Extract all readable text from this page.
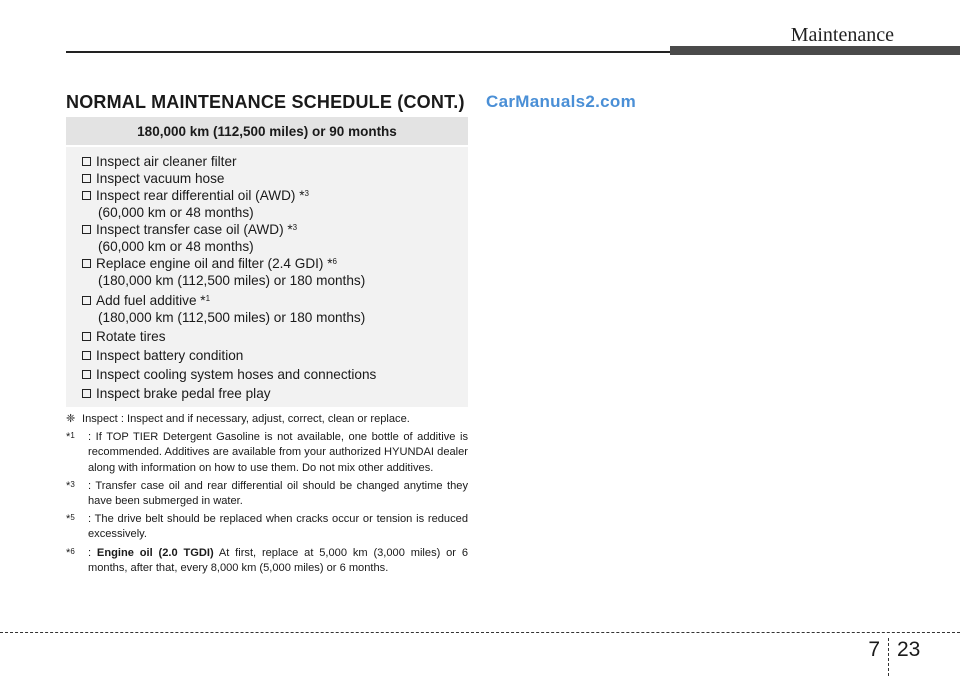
Maintenance
NORMAL MAINTENANCE SCHEDULE (CONT.) CarManuals2.com
180,000 km (112,500 miles) or 90 months
Inspect air cleaner filter
Inspect vacuum hose
Inspect rear differential oil (AWD) *$^3$
(60,000 km or 48 months)
Inspect transfer case oil (AWD) *$^3$
(60,000 km or 48 months)
Replace engine oil and filter (2.4 GDI) *$^6$
(180,000 km (112,500 miles) or 180 months)
Add fuel additive *$^1$
(180,000 km (112,500 miles) or 180 months)
Rotate tires
Inspect battery condition
Inspect cooling system hoses and connections
Inspect brake pedal free play
❈ Inspect : Inspect and if necessary, adjust, correct, clean or replace.
*$^1$	: If TOP TIER Detergent Gasoline is not available, one bottle of additive is recommended. Additives are available from your authorized HYUNDAI dealer along with information on how to use them. Do not mix other additives.
*$^3$	: Transfer case oil and rear differential oil should be changed anytime they have been submerged in water.
*$^5$	: The drive belt should be replaced when cracks occur or tension is reduced excessively.
*$^6$	: Engine oil (2.0 TGDI) At first, replace at 5,000 km (3,000 miles) or 6 months, after that, every 8,000 km (5,000 miles) or 6 months.
7 23
